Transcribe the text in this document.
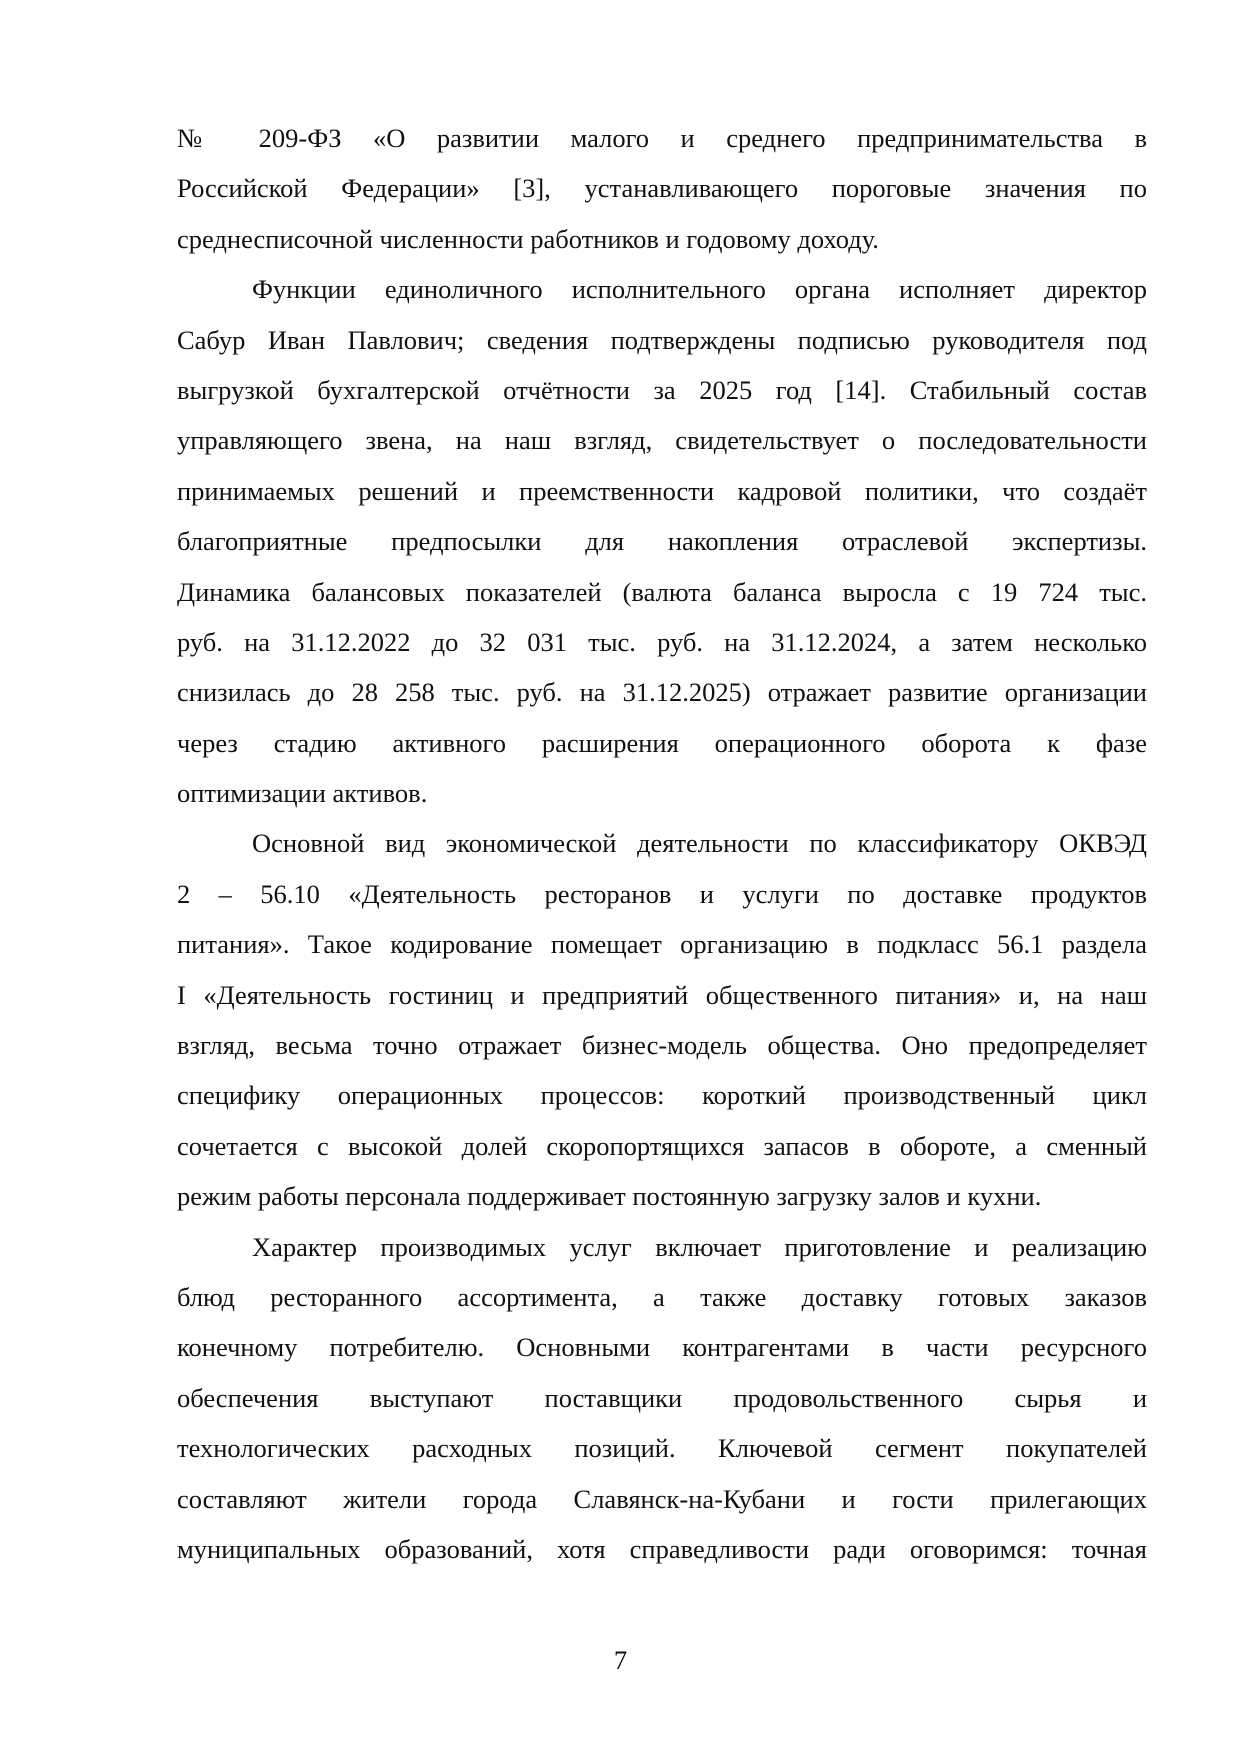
№ 209-ФЗ «О развитии малого и среднего предпринимательства в
Российской Федерации» [3], устанавливающего пороговые значения по
среднесписочной численности работников и годовому доходу.
Функции единоличного исполнительного органа исполняет директор
Сабур Иван Павлович; сведения подтверждены подписью руководителя под
выгрузкой бухгалтерской отчётности за 2025 год [14]. Стабильный состав
управляющего звена, на наш взгляд, свидетельствует о последовательности
принимаемых решений и преемственности кадровой политики, что создаёт
благоприятные предпосылки для накопления отраслевой экспертизы.
Динамика балансовых показателей (валюта баланса выросла с 19 724 тыс.
руб. на 31.12.2022 до 32 031 тыс. руб. на 31.12.2024, а затем несколько
снизилась до 28 258 тыс. руб. на 31.12.2025) отражает развитие организации
через стадию активного расширения операционного оборота к фазе
оптимизации активов.
Основной вид экономической деятельности по классификатору ОКВЭД
2 – 56.10 «Деятельность ресторанов и услуги по доставке продуктов
питания». Такое кодирование помещает организацию в подкласс 56.1 раздела
I «Деятельность гостиниц и предприятий общественного питания» и, на наш
взгляд, весьма точно отражает бизнес-модель общества. Оно предопределяет
специфику операционных процессов: короткий производственный цикл
сочетается с высокой долей скоропортящихся запасов в обороте, а сменный
режим работы персонала поддерживает постоянную загрузку залов и кухни.
Характер производимых услуг включает приготовление и реализацию
блюд ресторанного ассортимента, а также доставку готовых заказов
конечному потребителю. Основными контрагентами в части ресурсного
обеспечения выступают поставщики продовольственного сырья и
технологических расходных позиций. Ключевой сегмент покупателей
составляют жители города Славянск-на-Кубани и гости прилегающих
муниципальных образований, хотя справедливости ради оговоримся: точная
7
